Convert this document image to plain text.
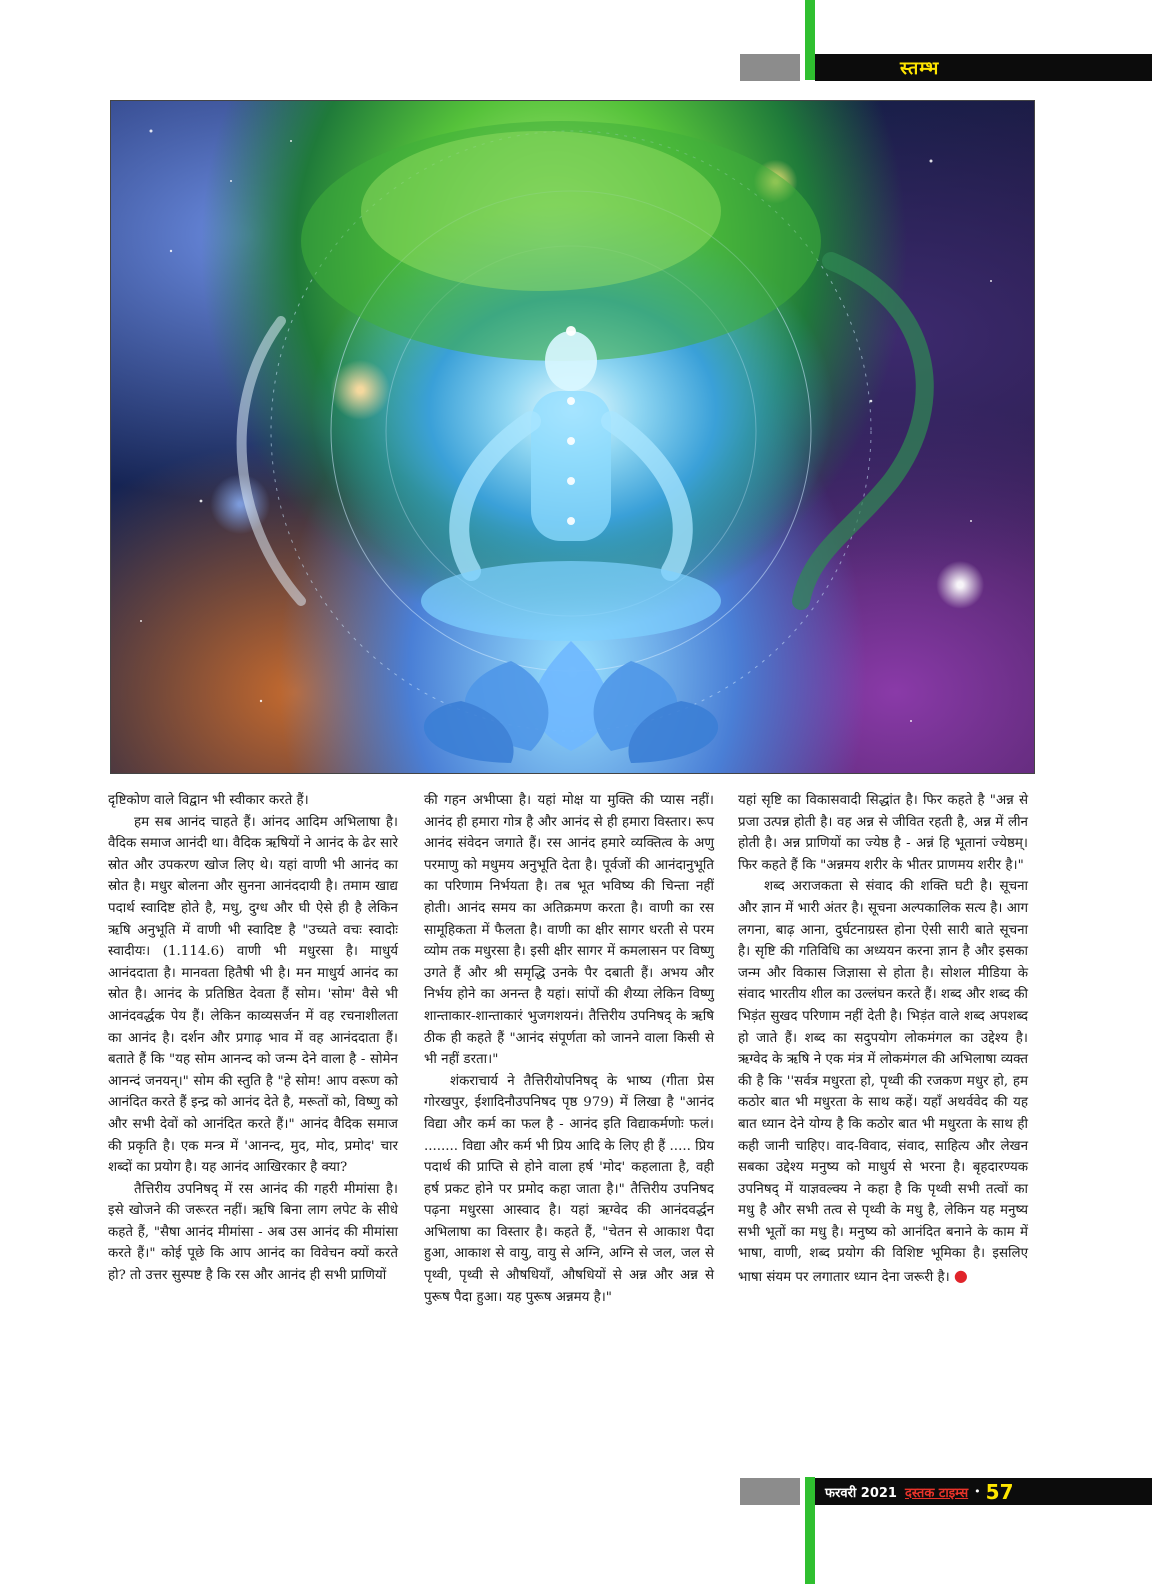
स्तम्भ

दृष्टिकोण वाले विद्वान भी स्वीकार करते हैं।

हम सब आनंद चाहते हैं। आंनद आदिम अभिलाषा है। वैदिक समाज आनंदी था। वैदिक ऋषियों ने आनंद के ढेर सारे स्रोत और उपकरण खोज लिए थे। यहां वाणी भी आनंद का स्रोत है। मधुर बोलना और सुनना आनंददायी है। तमाम खाद्य पदार्थ स्वादिष्ट होते है, मधु, दुग्ध और घी ऐसे ही है लेकिन ऋषि अनुभूति में वाणी भी स्वादिष्ट है "उच्यते वचः स्वादोः स्वादीयः। (1.114.6) वाणी भी मधुरसा है। माधुर्य आनंददाता है। मानवता हितैषी भी है। मन माधुर्य आनंद का स्रोत है। आनंद के प्रतिष्ठित देवता हैं सोम। 'सोम' वैसे भी आनंदवर्द्धक पेय हैं। लेकिन काव्यसर्जन में वह रचनाशीलता का आनंद है। दर्शन और प्रगाढ़ भाव में वह आनंददाता हैं। बताते हैं कि "यह सोम आनन्द को जन्म देने वाला है - सोमेन आनन्दं जनयन्।" सोम की स्तुति है "हे सोम! आप वरूण को आनंदित करते हैं इन्द्र को आनंद देते है, मरूतों को, विष्णु को और सभी देवों को आनंदित करते हैं।" आनंद वैदिक समाज की प्रकृति है। एक मन्त्र में 'आनन्द, मुद, मोद, प्रमोद' चार शब्दों का प्रयोग है। यह आनंद आखिरकार है क्या?

तैत्तिरीय उपनिषद् में रस आनंद की गहरी मीमांसा है। इसे खोजने की जरूरत नहीं। ऋषि बिना लाग लपेट के सीधे कहते हैं, "सैषा आनंद मीमांसा - अब उस आनंद की मीमांसा करते हैं।" कोई पूछे कि आप आनंद का विवेचन क्यों करते हो? तो उत्तर सुस्पष्ट है कि रस और आनंद ही सभी प्राणियों

की गहन अभीप्सा है। यहां मोक्ष या मुक्ति की प्यास नहीं। आनंद ही हमारा गोत्र है और आनंद से ही हमारा विस्तार। रूप आनंद संवेदन जगाते हैं। रस आनंद हमारे व्यक्तित्व के अणु परमाणु को मधुमय अनुभूति देता है। पूर्वजों की आनंदानुभूति का परिणाम निर्भयता है। तब भूत भविष्य की चिन्ता नहीं होती। आनंद समय का अतिक्रमण करता है। वाणी का रस सामूहिकता में फैलता है। वाणी का क्षीर सागर धरती से परम व्योम तक मधुरसा है। इसी क्षीर सागर में कमलासन पर विष्णु उगते हैं और श्री समृद्धि उनके पैर दबाती हैं। अभय और निर्भय होने का अनन्त है यहां। सांपों की शैय्या लेकिन विष्णु शान्ताकार-शान्ताकारं भुजगशयनं। तैत्तिरीय उपनिषद् के ऋषि ठीक ही कहते हैं "आनंद संपूर्णता को जानने वाला किसी से भी नहीं डरता।"

शंकराचार्य ने तैत्तिरीयोपनिषद् के भाष्य (गीता प्रेस गोरखपुर, ईशादिनौउपनिषद पृष्ठ 979) में लिखा है "आनंद विद्या और कर्म का फल है - आनंद इति विद्याकर्मणोः फलं। ........ विद्या और कर्म भी प्रिय आदि के लिए ही हैं ..... प्रिय पदार्थ की प्राप्ति से होने वाला हर्ष 'मोद' कहलाता है, वही हर्ष प्रकट होने पर प्रमोद कहा जाता है।" तैत्तिरीय उपनिषद पढ़ना मधुरसा आस्वाद है। यहां ऋग्वेद की आनंदवर्द्धन अभिलाषा का विस्तार है। कहते हैं, "चेतन से आकाश पैदा हुआ, आकाश से वायु, वायु से अग्नि, अग्नि से जल, जल से पृथ्वी, पृथ्वी से औषधियाँ, औषधियों से अन्न और अन्न से पुरूष पैदा हुआ। यह पुरूष अन्नमय है।"

यहां सृष्टि का विकासवादी सिद्धांत है। फिर कहते है "अन्न से प्रजा उत्पन्न होती है। वह अन्न से जीवित रहती है, अन्न में लीन होती है। अन्न प्राणियों का ज्येष्ठ है - अन्नं हि भूतानां ज्येष्ठम्। फिर कहते हैं कि "अन्नमय शरीर के भीतर प्राणमय शरीर है।"

शब्द अराजकता से संवाद की शक्ति घटी है। सूचना और ज्ञान में भारी अंतर है। सूचना अल्पकालिक सत्य है। आग लगना, बाढ़ आना, दुर्घटनाग्रस्त होना ऐसी सारी बाते सूचना है। सृष्टि की गतिविधि का अध्ययन करना ज्ञान है और इसका जन्म और विकास जिज्ञासा से होता है। सोशल मीडिया के संवाद भारतीय शील का उल्लंघन करते हैं। शब्द और शब्द की भिड़ंत सुखद परिणाम नहीं देती है। भिड़ंत वाले शब्द अपशब्द हो जाते हैं। शब्द का सदुपयोग लोकमंगल का उद्देश्य है। ऋग्वेद के ऋषि ने एक मंत्र में लोकमंगल की अभिलाषा व्यक्त की है कि ''सर्वत्र मधुरता हो, पृथ्वी की रजकण मधुर हो, हम कठोर बात भी मधुरता के साथ कहें। यहाँ अथर्ववेद की यह बात ध्यान देने योग्य है कि कठोर बात भी मधुरता के साथ ही कही जानी चाहिए। वाद-विवाद, संवाद, साहित्य और लेखन सबका उद्देश्य मनुष्य को माधुर्य से भरना है। बृहदारण्यक उपनिषद् में याज्ञवल्क्य ने कहा है कि पृथ्वी सभी तत्वों का मधु है और सभी तत्व से पृथ्वी के मधु है, लेकिन यह मनुष्य सभी भूतों का मधु है। मनुष्य को आनंदित बनाने के काम में भाषा, वाणी, शब्द प्रयोग की विशिष्ट भूमिका है। इसलिए भाषा संयम पर लगातार ध्यान देना जरूरी है। ●

फरवरी 2021 दस्तक टाइम्स • 57
